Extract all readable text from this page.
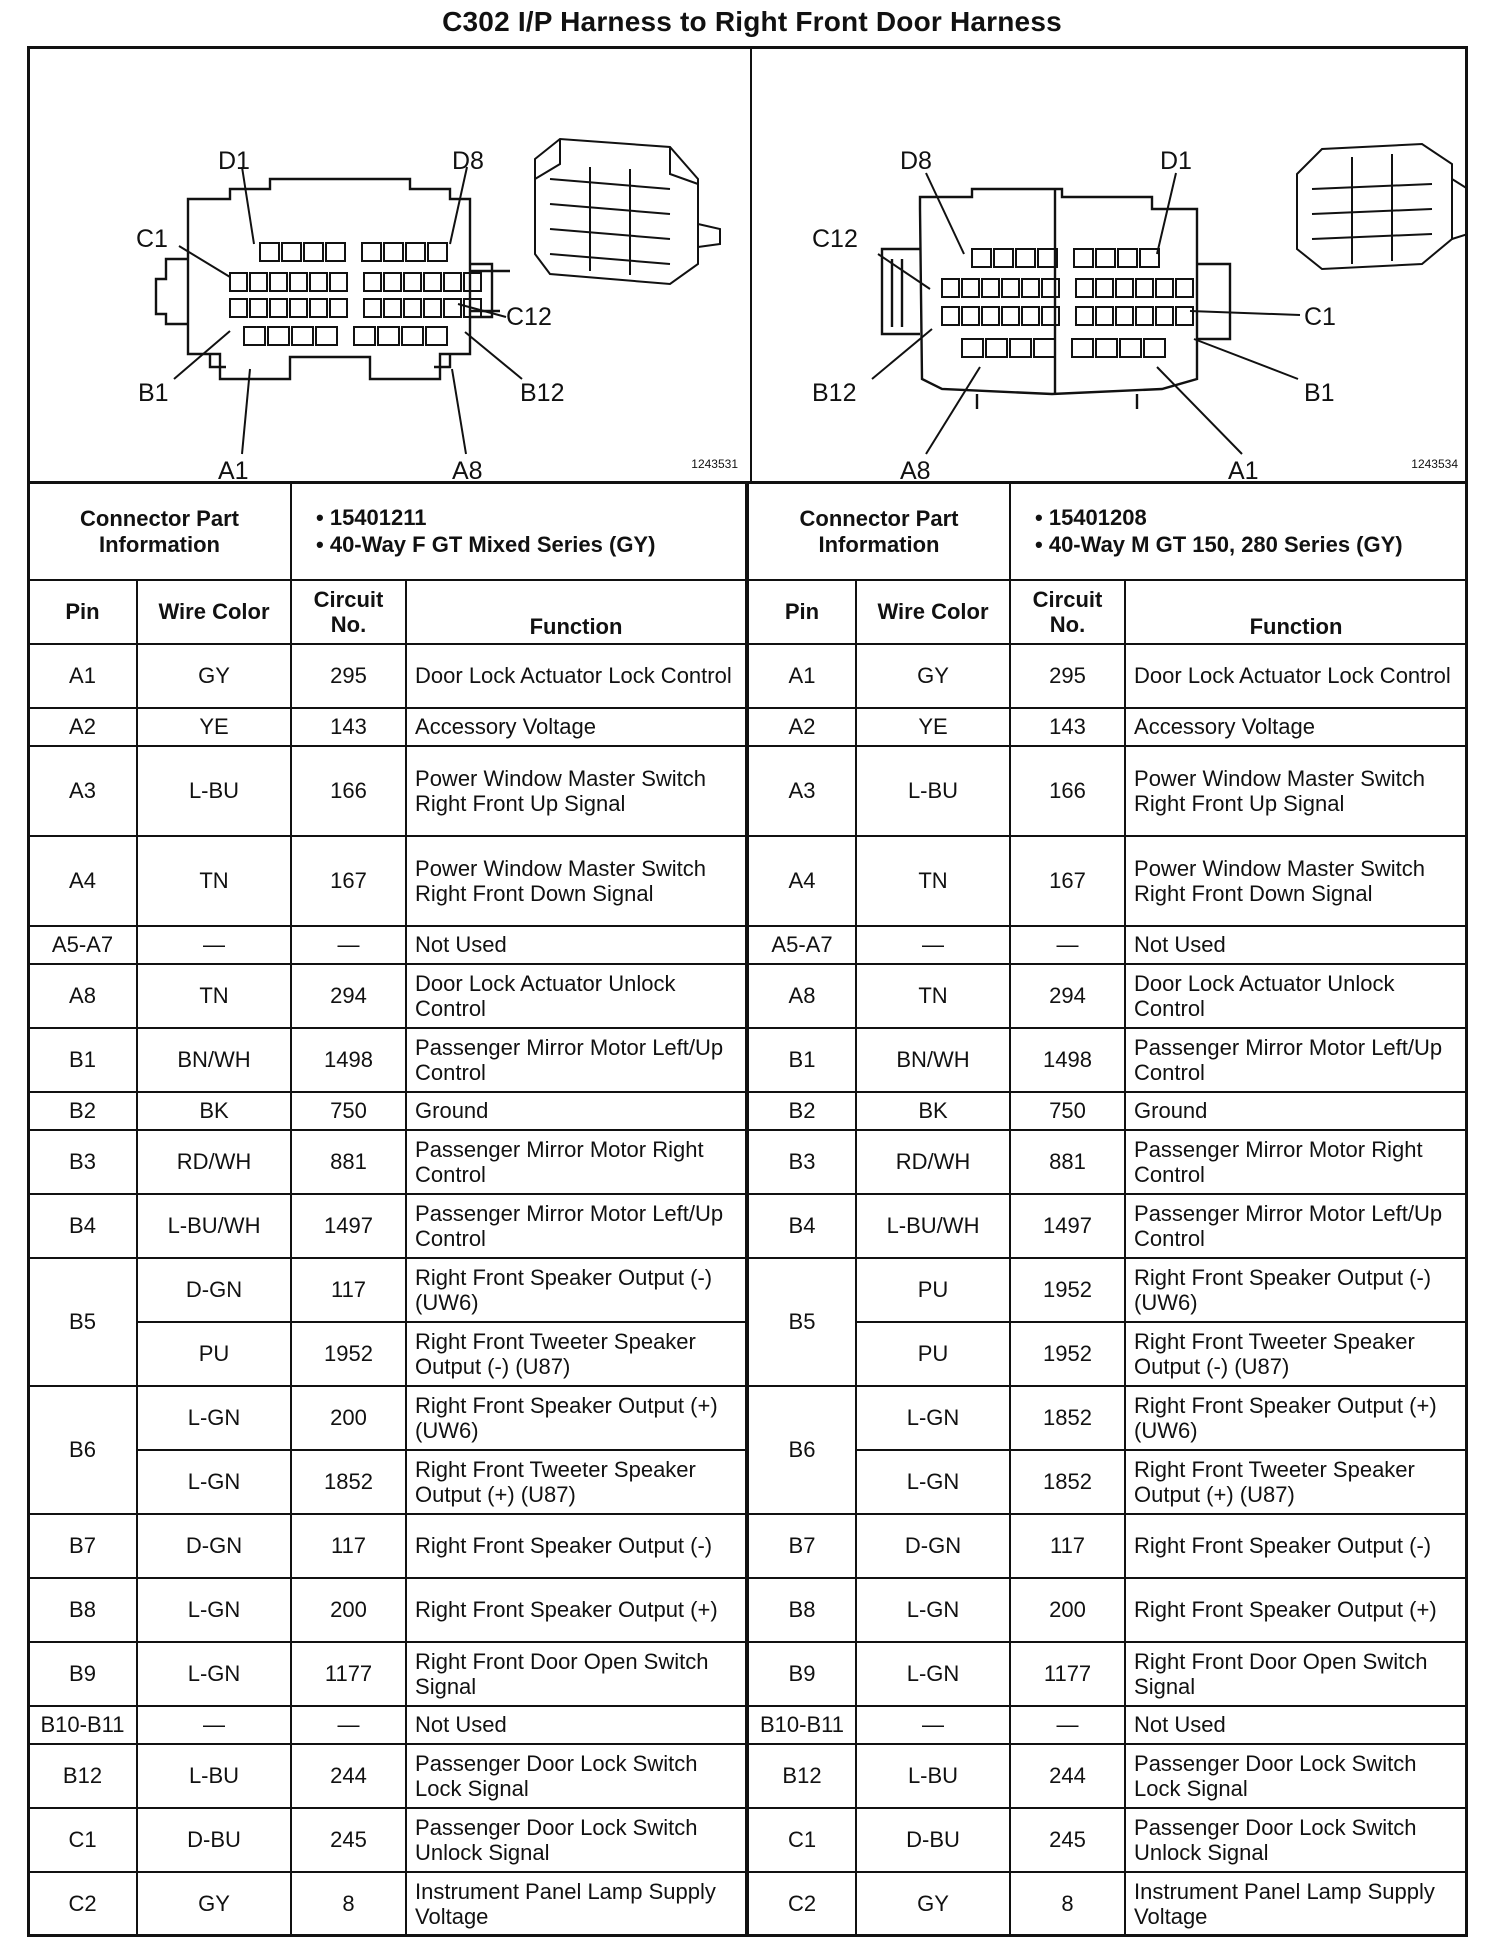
C302 I/P Harness to Right Front Door Harness
D1	D8
C1
C12
B1	B12
A1	A8	1243531
D8	D1
C12
C1
B12	B1
A8	A1	1243534
Connector Part Information		• 15401211
• 40-Way F GT Mixed Series (GY)	

Pin	Wire Color	Circuit No.	Function
A1	GY	295	Door Lock Actuator Lock Control
A2	YE	143	Accessory Voltage
A3	L-BU	166	Power Window Master Switch Right Front Up Signal
A4	TN	167	Power Window Master Switch Right Front Down Signal
A5-A7	—	—	Not Used
A8	TN	294	Door Lock Actuator Unlock Control
B1	BN/WH	1498	Passenger Mirror Motor Left/Up Control
B2	BK	750	Ground
B3	RD/WH	881	Passenger Mirror Motor Right Control
B4	L-BU/WH	1497	Passenger Mirror Motor Left/Up Control
B5	D-GN	117	Right Front Speaker Output (-) (UW6)
	PU	1952	Right Front Tweeter Speaker Output (-) (U87)
B6	L-GN	200	Right Front Speaker Output (+) (UW6)
	L-GN	1852	Right Front Tweeter Speaker Output (+) (U87)
B7	D-GN	117	Right Front Speaker Output (-)
B8	L-GN	200	Right Front Speaker Output (+)
B9	L-GN	1177	Right Front Door Open Switch Signal
B10-B11	—	—	Not Used
B12	L-BU	244	Passenger Door Lock Switch Lock Signal
C1	D-BU	245	Passenger Door Lock Switch Unlock Signal
C2	GY	8	Instrument Panel Lamp Supply Voltage
Connector Part Information		• 15401208
• 40-Way M GT 150, 280 Series (GY)	

Pin	Wire Color	Circuit No.	Function
A1	GY	295	Door Lock Actuator Lock Control
A2	YE	143	Accessory Voltage
A3	L-BU	166	Power Window Master Switch Right Front Up Signal
A4	TN	167	Power Window Master Switch Right Front Down Signal
A5-A7	—	—	Not Used
A8	TN	294	Door Lock Actuator Unlock Control
B1	BN/WH	1498	Passenger Mirror Motor Left/Up Control
B2	BK	750	Ground
B3	RD/WH	881	Passenger Mirror Motor Right Control
B4	L-BU/WH	1497	Passenger Mirror Motor Left/Up Control
B5	PU	1952	Right Front Speaker Output (-) (UW6)
	PU	1952	Right Front Tweeter Speaker Output (-) (U87)
B6	L-GN	1852	Right Front Speaker Output (+) (UW6)
	L-GN	1852	Right Front Tweeter Speaker Output (+) (U87)
B7	D-GN	117	Right Front Speaker Output (-)
B8	L-GN	200	Right Front Speaker Output (+)
B9	L-GN	1177	Right Front Door Open Switch Signal
B10-B11	—	—	Not Used
B12	L-BU	244	Passenger Door Lock Switch Lock Signal
C1	D-BU	245	Passenger Door Lock Switch Unlock Signal
C2	GY	8	Instrument Panel Lamp Supply Voltage
